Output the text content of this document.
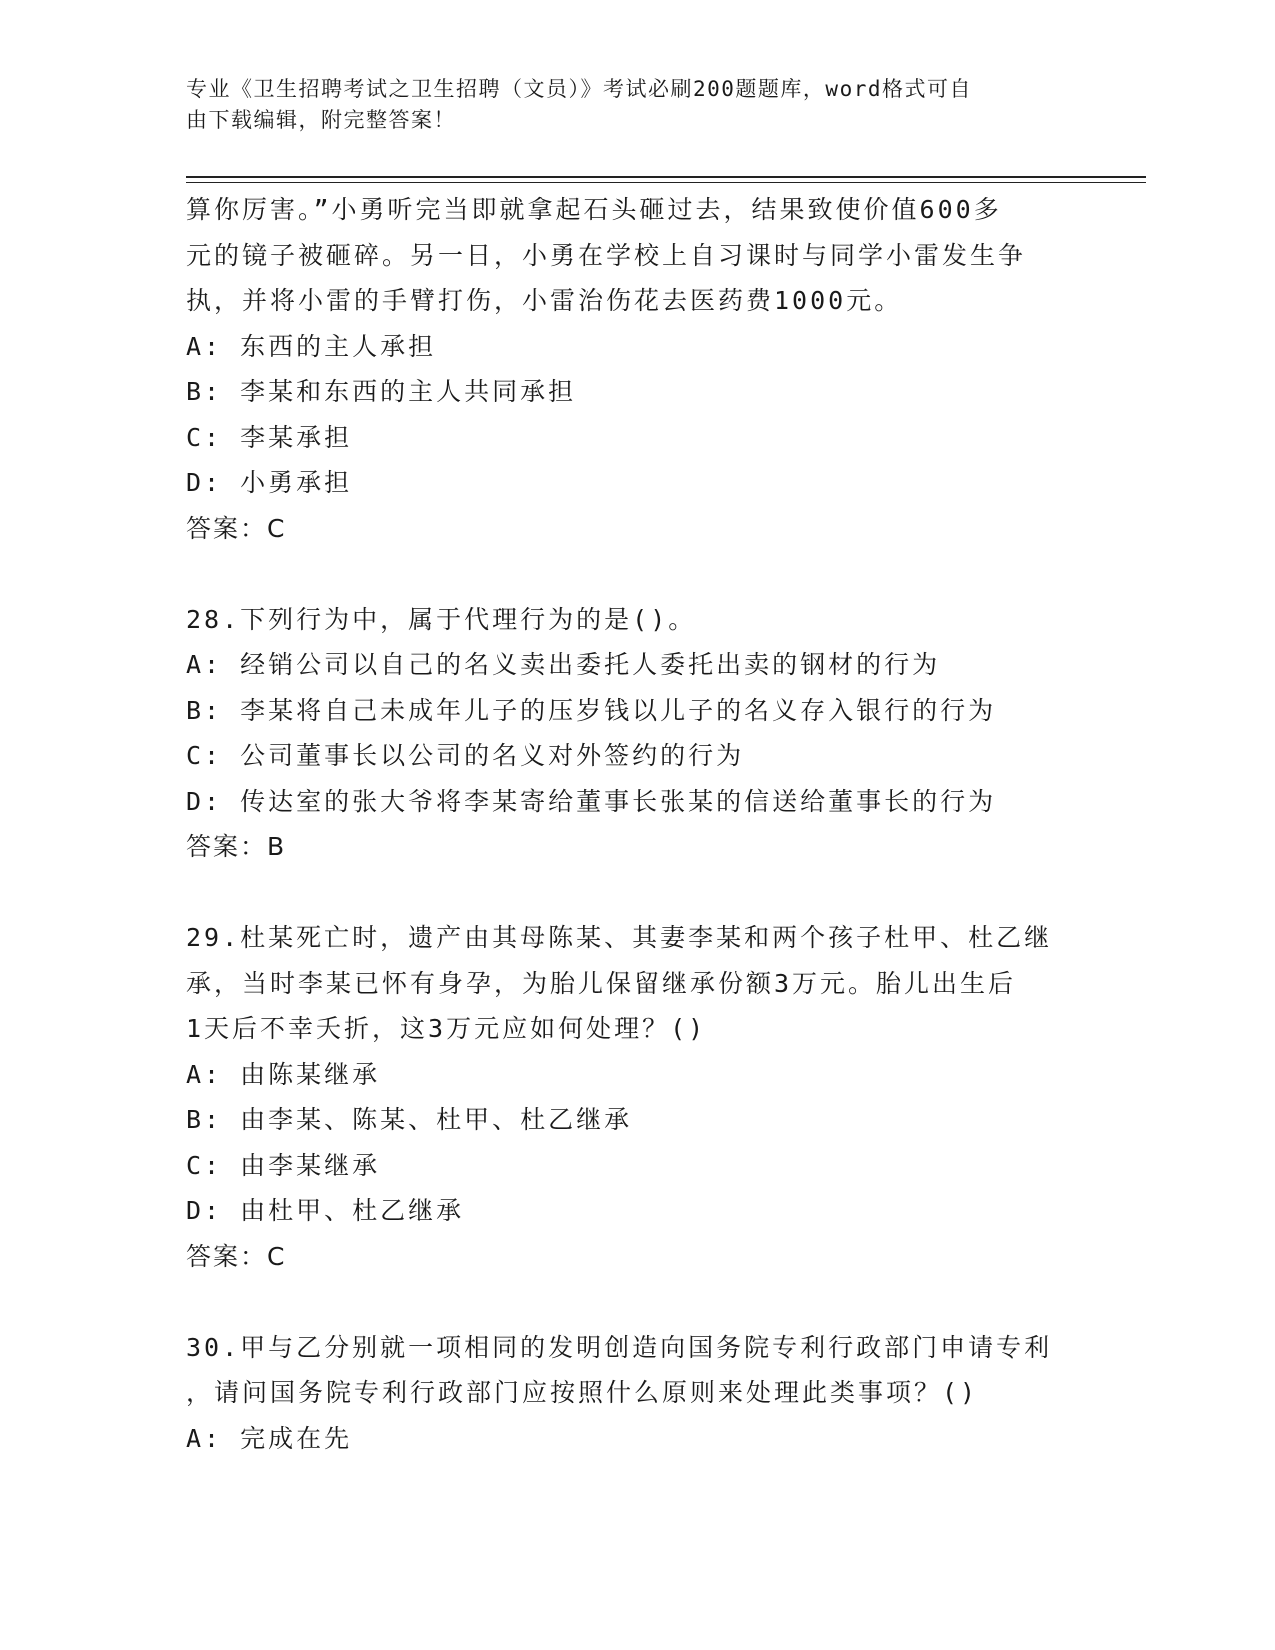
专业《卫生招聘考试之卫生招聘（文员）》考试必刷200题题库，word格式可自
由下载编辑，附完整答案！
算你厉害。”小勇听完当即就拿起石头砸过去，结果致使价值600多
元的镜子被砸碎。另一日，小勇在学校上自习课时与同学小雷发生争
执，并将小雷的手臂打伤，小雷治伤花去医药费1000元。
A: 东西的主人承担
B: 李某和东西的主人共同承担
C: 李某承担
D: 小勇承担
答案：C
28.下列行为中，属于代理行为的是()。
A: 经销公司以自己的名义卖出委托人委托出卖的钢材的行为
B: 李某将自己未成年儿子的压岁钱以儿子的名义存入银行的行为
C: 公司董事长以公司的名义对外签约的行为
D: 传达室的张大爷将李某寄给董事长张某的信送给董事长的行为
答案：B
29.杜某死亡时，遗产由其母陈某、其妻李某和两个孩子杜甲、杜乙继
承，当时李某已怀有身孕，为胎儿保留继承份额3万元。胎儿出生后
1天后不幸夭折，这3万元应如何处理？()
A: 由陈某继承
B: 由李某、陈某、杜甲、杜乙继承
C: 由李某继承
D: 由杜甲、杜乙继承
答案：C
30.甲与乙分别就一项相同的发明创造向国务院专利行政部门申请专利
，请问国务院专利行政部门应按照什么原则来处理此类事项？()
A: 完成在先
